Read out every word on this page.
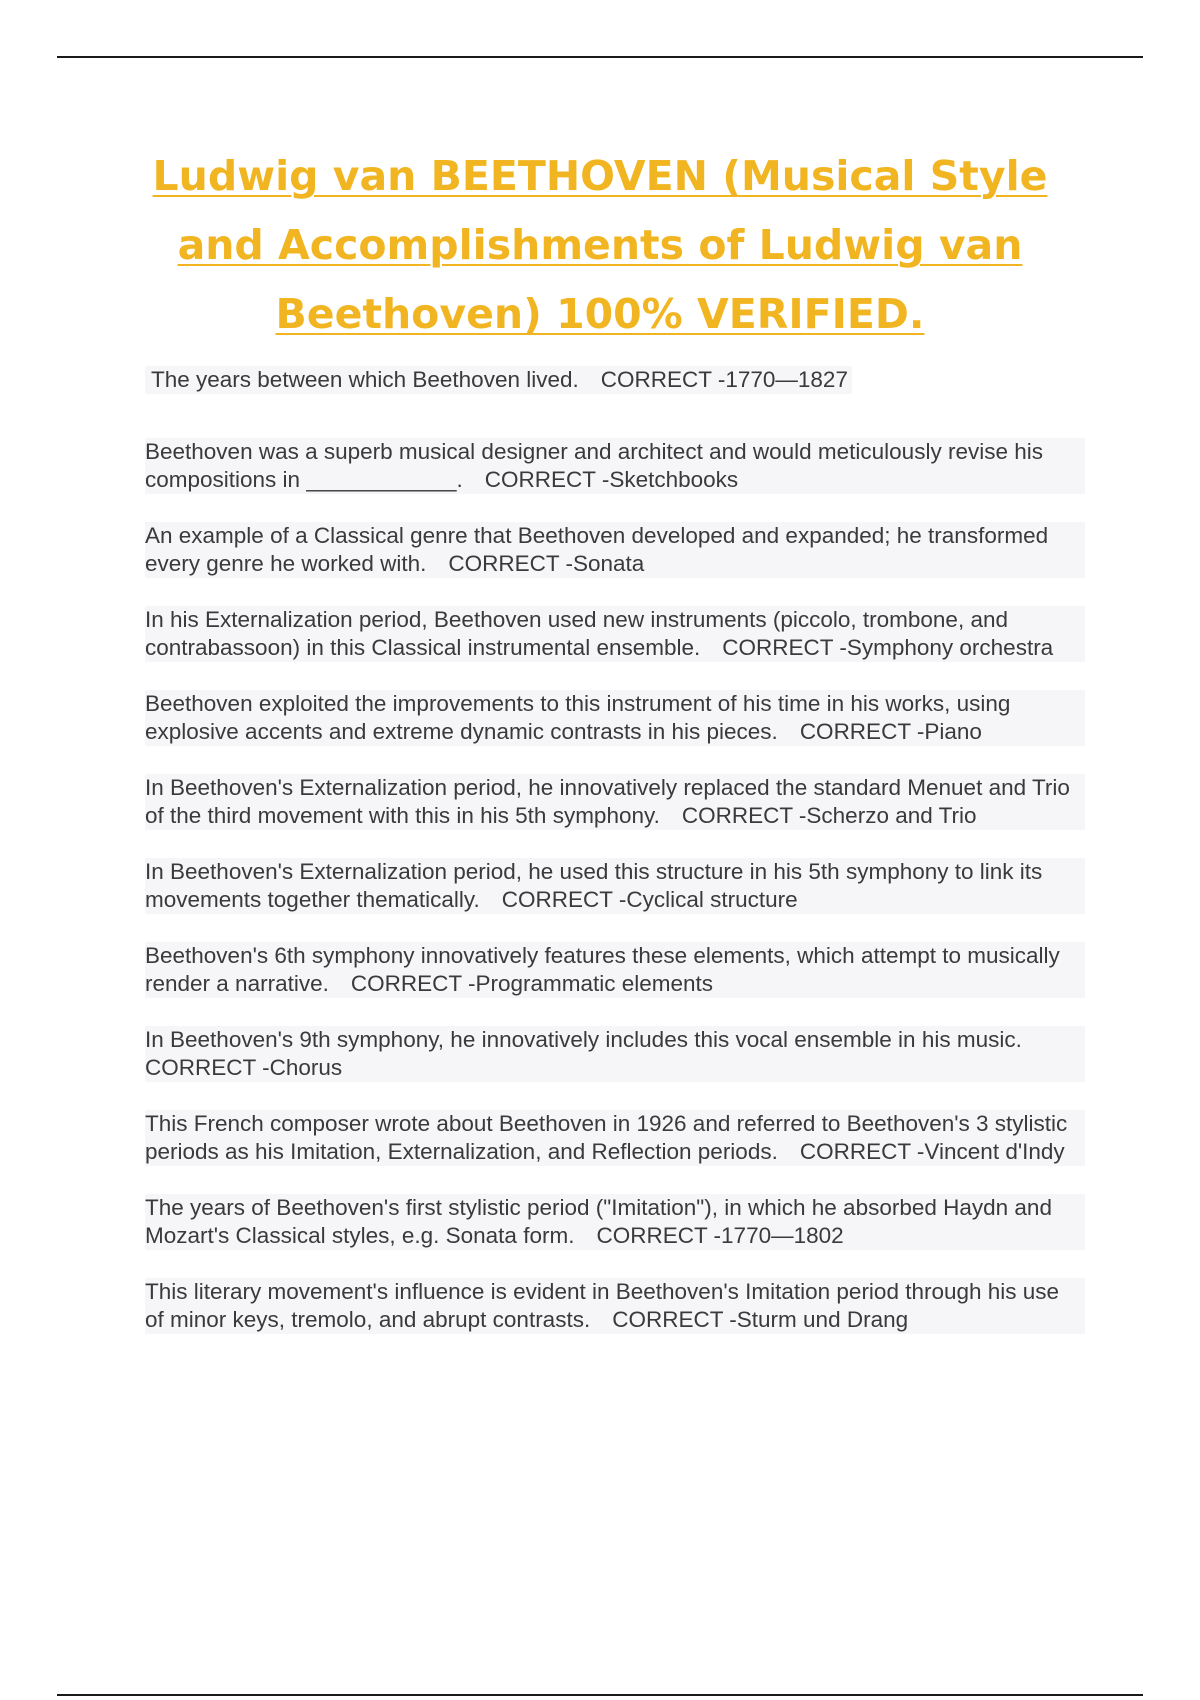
Ludwig van BEETHOVEN (Musical Style and Accomplishments of Ludwig van Beethoven) 100% VERIFIED.
The years between which Beethoven lived. CORRECT -1770—1827
Beethoven was a superb musical designer and architect and would meticulously revise his compositions in ____________. CORRECT -Sketchbooks
An example of a Classical genre that Beethoven developed and expanded; he transformed every genre he worked with. CORRECT -Sonata
In his Externalization period, Beethoven used new instruments (piccolo, trombone, and contrabassoon) in this Classical instrumental ensemble. CORRECT -Symphony orchestra
Beethoven exploited the improvements to this instrument of his time in his works, using explosive accents and extreme dynamic contrasts in his pieces. CORRECT -Piano
In Beethoven's Externalization period, he innovatively replaced the standard Menuet and Trio of the third movement with this in his 5th symphony. CORRECT -Scherzo and Trio
In Beethoven's Externalization period, he used this structure in his 5th symphony to link its movements together thematically. CORRECT -Cyclical structure
Beethoven's 6th symphony innovatively features these elements, which attempt to musically render a narrative. CORRECT -Programmatic elements
In Beethoven's 9th symphony, he innovatively includes this vocal ensemble in his music.CORRECT -Chorus
This French composer wrote about Beethoven in 1926 and referred to Beethoven's 3 stylistic periods as his Imitation, Externalization, and Reflection periods. CORRECT -Vincent d'Indy
The years of Beethoven's first stylistic period ("Imitation"), in which he absorbed Haydn and Mozart's Classical styles, e.g. Sonata form. CORRECT -1770—1802
This literary movement's influence is evident in Beethoven's Imitation period through his use of minor keys, tremolo, and abrupt contrasts. CORRECT -Sturm und Drang
